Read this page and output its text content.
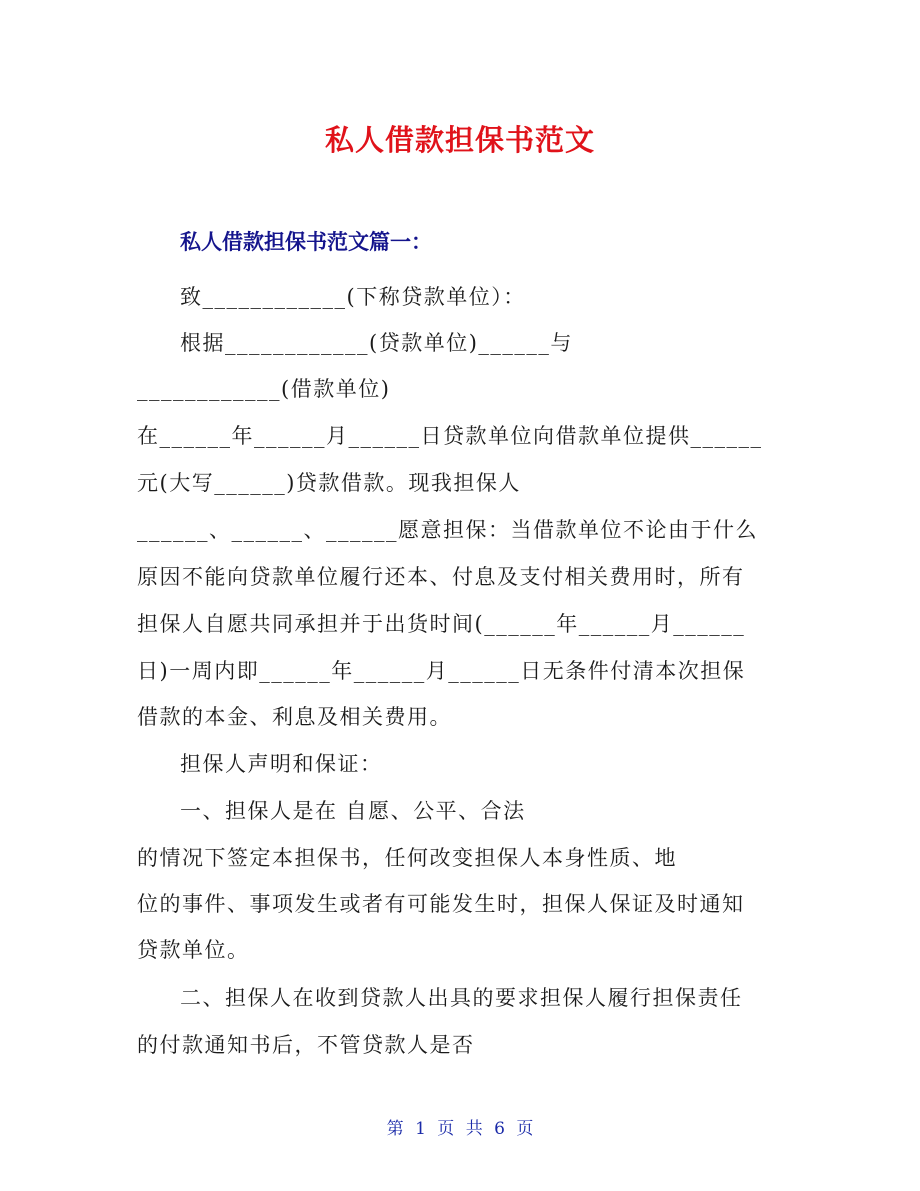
私人借款担保书范文
私人借款担保书范文篇一：
致____________(下称贷款单位）：
根据____________(贷款单位)______与
____________(借款单位)
在______年______月______日贷款单位向借款单位提供______
元(大写______)贷款借款。现我担保人
______、______、______愿意担保：当借款单位不论由于什么
原因不能向贷款单位履行还本、付息及支付相关费用时，所有
担保人自愿共同承担并于出货时间(______年______月______
日)一周内即______年______月______日无条件付清本次担保
借款的本金、利息及相关费用。
担保人声明和保证：
一、担保人是在 自愿、公平、合法
的情况下签定本担保书，任何改变担保人本身性质、地
位的事件、事项发生或者有可能发生时，担保人保证及时通知
贷款单位。
二、担保人在收到贷款人出具的要求担保人履行担保责任
的付款通知书后，不管贷款人是否
第 1 页 共 6 页
